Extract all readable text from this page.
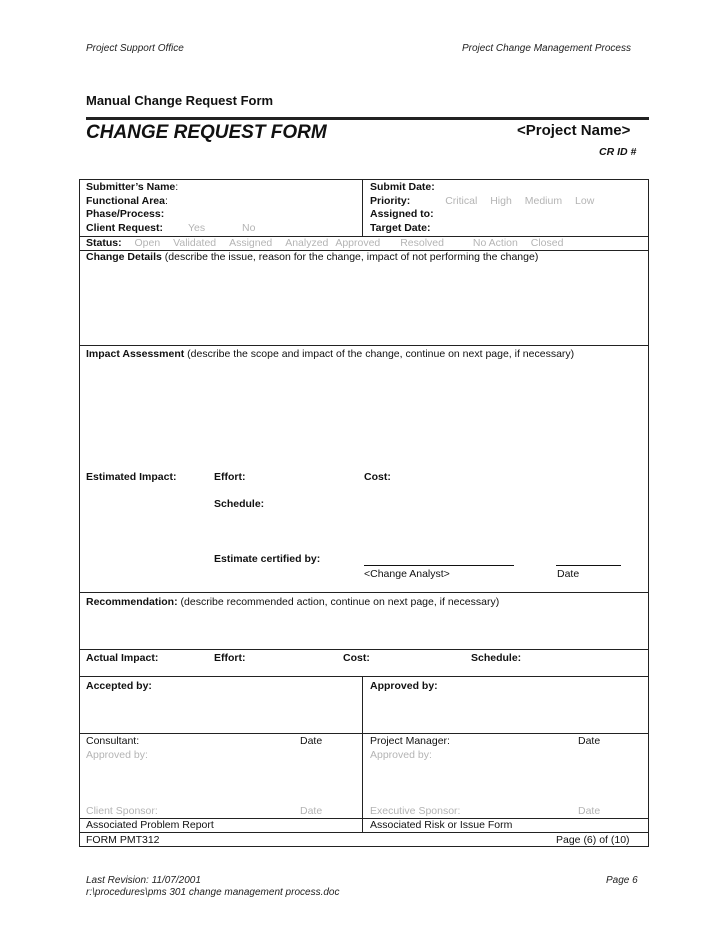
Project Support Office	Project Change Management Process
Manual Change Request Form
CHANGE REQUEST FORM	<Project Name>
CR ID #
Submitter’s Name:
Functional Area:
Phase/Process:
Client Request: Yes	No
Submit Date:
Priority:	Critical High Medium Low
Assigned to:
Target Date:
Status: Open Validated Assigned Analyzed Approved Resolved	No Action Closed
Change Details (describe the issue, reason for the change, impact of not performing the change)
Impact Assessment (describe the scope and impact of the change, continue on next page, if necessary)
Estimated Impact:	Effort:	Cost:
Schedule:
Estimate certified by:
<Change Analyst>	Date
Recommendation: (describe recommended action, continue on next page, if necessary)
Actual Impact:	Effort:	Cost:	Schedule:
Accepted by:	Approved by:
Consultant:	Date	Project Manager:	Date
Approved by:	Approved by:
Client Sponsor:	Date	Executive Sponsor:	Date
Associated Problem Report	Associated Risk or Issue Form
FORM PMT312	Page (6) of (10)
Last Revision: 11/07/2001	Page 6
r:\procedures\pms 301 change management process.doc
